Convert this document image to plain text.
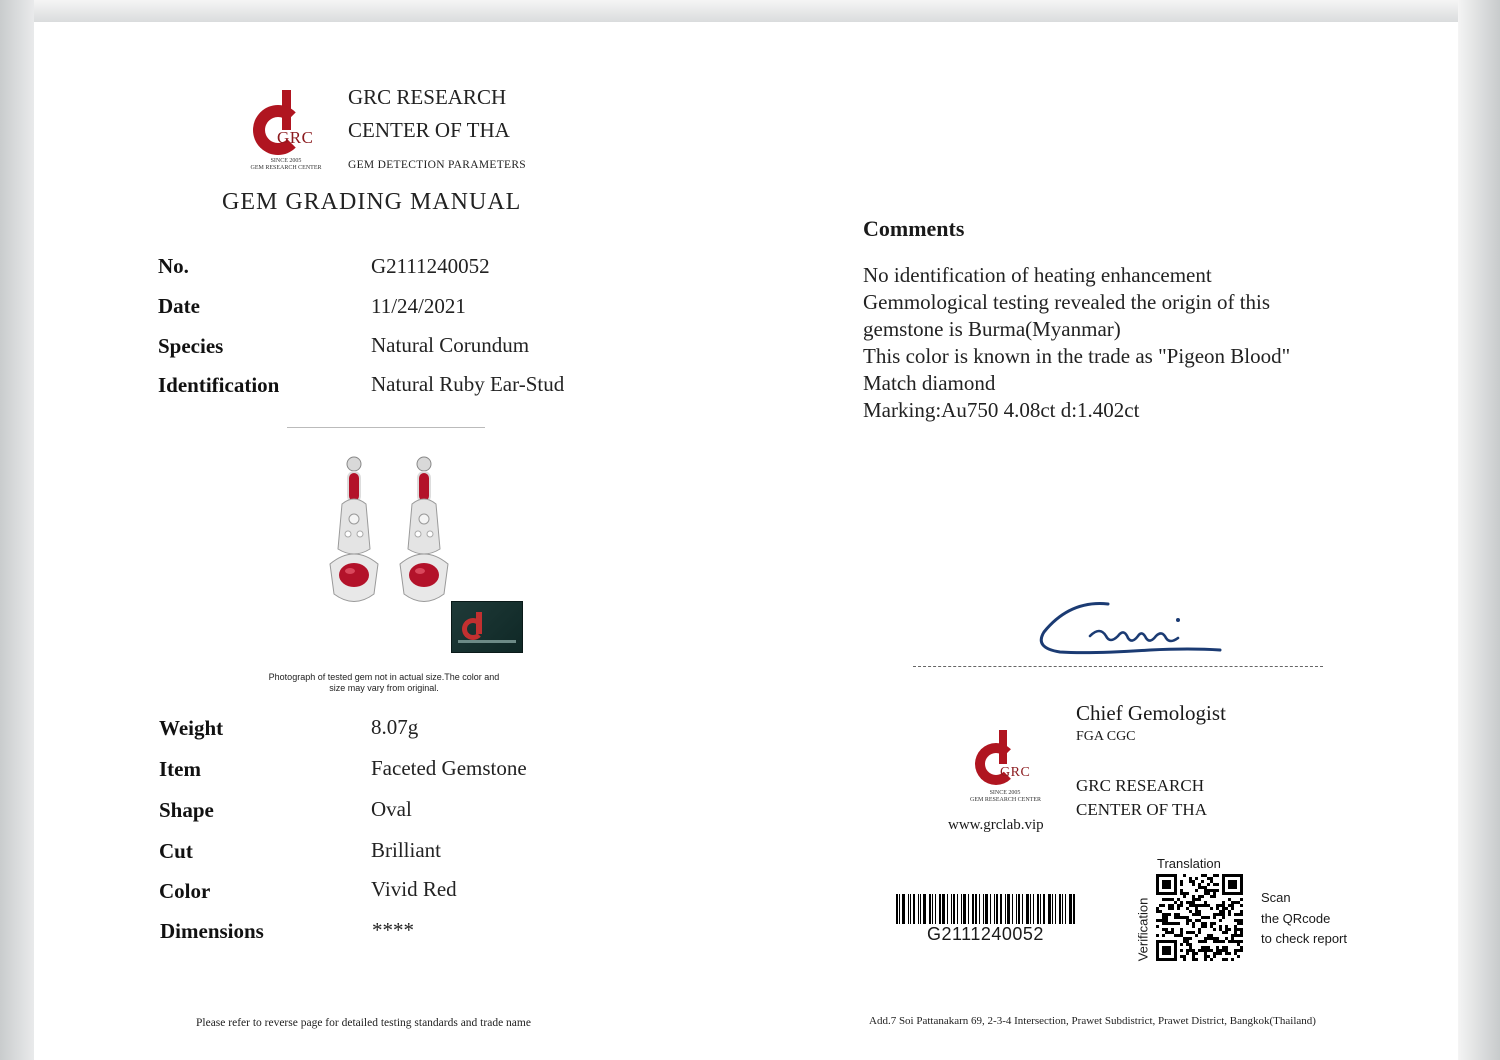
GRC
SINCE 2005
GEM RESEARCH CENTER
GRC RESEARCH
CENTER OF THA
GEM DETECTION PARAMETERS
GEM GRADING MANUAL
No.	G2111240052
Date	11/24/2021
Species	Natural Corundum
Identification	Natural Ruby Ear-Stud
Photograph of tested gem not in actual size.The color and
size may vary from original.
Weight	8.07g
Item	Faceted Gemstone
Shape	Oval
Cut	Brilliant
Color	Vivid Red
Dimensions	****
Comments
No identification of heating enhancement
Gemmological testing revealed the origin of this
gemstone is Burma(Myanmar)
This color is known in the trade as "Pigeon Blood"
Match diamond
Marking:Au750 4.08ct d:1.402ct
GRC
SINCE 2005
GEM RESEARCH CENTER
www.grclab.vip
Chief Gemologist
FGA CGC
GRC RESEARCH
CENTER OF THA
G2111240052
Translation
Verification
Scan
the QRcode
to check report
Please refer to reverse page for detailed testing standards and trade name	Add.7 Soi Pattanakarn 69, 2-3-4 Intersection, Prawet Subdistrict, Prawet District, Bangkok(Thailand)
